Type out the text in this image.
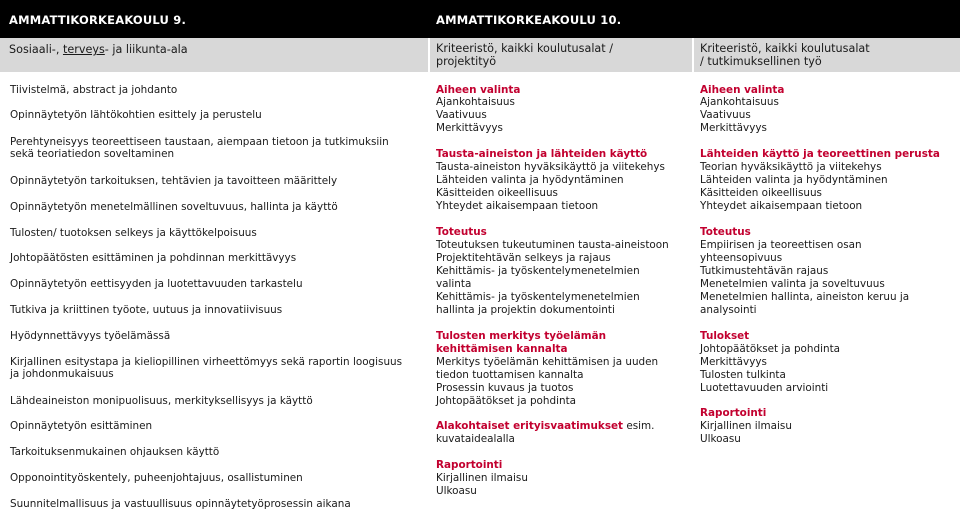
AMMATTIKORKEAKOULU 9.	AMMATTIKORKEAKOULU 10.
Sosiaali-, terveys- ja liikunta-ala	Kriteeristö, kaikki koulutusalat /
projektityö
Kriteeristö, kaikki koulutusalat
/ tutkimuksellinen työ
Tiivistelmä, abstract ja johdanto
Opinnäytetyön lähtökohtien esittely ja perustelu
Perehtyneisyys teoreettiseen taustaan, aiempaan tietoon ja tutkimuksiin
sekä teoriatiedon soveltaminen
Opinnäytetyön tarkoituksen, tehtävien ja tavoitteen määrittely
Opinnäytetyön menetelmällinen soveltuvuus, hallinta ja käyttö
Tulosten/ tuotoksen selkeys ja käyttökelpoisuus
Johtopäätösten esittäminen ja pohdinnan merkittävyys
Opinnäytetyön eettisyyden ja luotettavuuden tarkastelu
Tutkiva ja kriittinen työote, uutuus ja innovatiivisuus
Hyödynnettävyys työelämässä
Kirjallinen esitystapa ja kieliopillinen virheettömyys sekä raportin loogisuus
ja johdonmukaisuus
Lähdeaineiston monipuolisuus, merkityksellisyys ja käyttö
Opinnäytetyön esittäminen
Tarkoituksenmukainen ohjauksen käyttö
Opponointityöskentely, puheenjohtajuus, osallistuminen
Suunnitelmallisuus ja vastuullisuus opinnäytetyöprosessin aikana
Aiheen valinta
Ajankohtaisuus
Vaativuus
Merkittävyys
Tausta-aineiston ja lähteiden käyttö
Tausta-aineiston hyväksikäyttö ja viitekehys
Lähteiden valinta ja hyödyntäminen
Käsitteiden oikeellisuus
Yhteydet aikaisempaan tietoon
Toteutus
Toteutuksen tukeutuminen tausta-aineistoon
Projektitehtävän selkeys ja rajaus
Kehittämis- ja työskentelymenetelmien
valinta
Kehittämis- ja työskentelymenetelmien
hallinta ja projektin dokumentointi
Tulosten merkitys työelämän
kehittämisen kannalta
Merkitys työelämän kehittämisen ja uuden
tiedon tuottamisen kannalta
Prosessin kuvaus ja tuotos
Johtopäätökset ja pohdinta
Alakohtaiset erityisvaatimukset esim.
kuvataidealalla
Raportointi
Kirjallinen ilmaisu
Ulkoasu
Aiheen valinta
Ajankohtaisuus
Vaativuus
Merkittävyys
Lähteiden käyttö ja teoreettinen perusta
Teorian hyväksikäyttö ja viitekehys
Lähteiden valinta ja hyödyntäminen
Käsitteiden oikeellisuus
Yhteydet aikaisempaan tietoon
Toteutus
Empiirisen ja teoreettisen osan
yhteensopivuus
Tutkimustehtävän rajaus
Menetelmien valinta ja soveltuvuus
Menetelmien hallinta, aineiston keruu ja
analysointi
Tulokset
Johtopäätökset ja pohdinta
Merkittävyys
Tulosten tulkinta
Luotettavuuden arviointi
Raportointi
Kirjallinen ilmaisu
Ulkoasu
